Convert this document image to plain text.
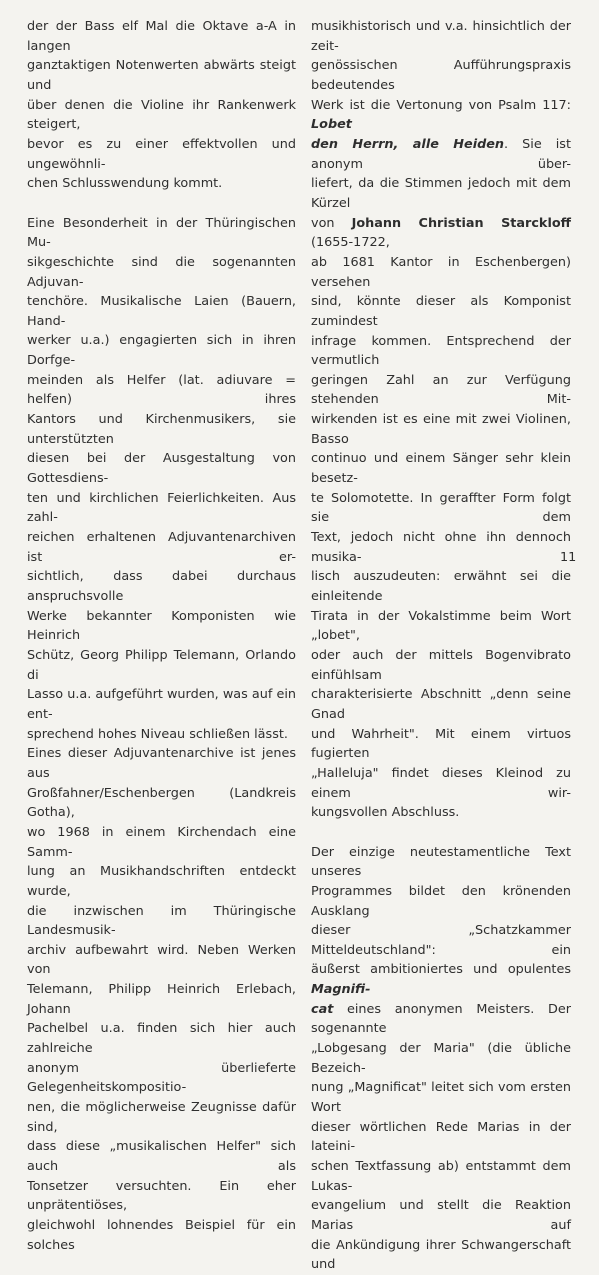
der der Bass elf Mal die Oktave a-A in langen
ganztaktigen Notenwerten abwärts steigt und
über denen die Violine ihr Rankenwerk steigert,
bevor es zu einer effektvollen und ungewöhnli-
chen Schlusswendung kommt.

Eine Besonderheit in der Thüringischen Mu-
sikgeschichte sind die sogenannten Adjuvan-
tenchöre. Musikalische Laien (Bauern, Hand-
werker u.a.) engagierten sich in ihren Dorfge-
meinden als Helfer (lat. adiuvare = helfen) ihres
Kantors und Kirchenmusikers, sie unterstützten
diesen bei der Ausgestaltung von Gottesdiens-
ten und kirchlichen Feierlichkeiten. Aus zahl-
reichen erhaltenen Adjuvantenarchiven ist er-
sichtlich, dass dabei durchaus anspruchsvolle
Werke bekannter Komponisten wie Heinrich
Schütz, Georg Philipp Telemann, Orlando di
Lasso u.a. aufgeführt wurden, was auf ein ent-
sprechend hohes Niveau schließen lässt.

Eines dieser Adjuvantenarchive ist jenes aus
Großfahner/Eschenbergen (Landkreis Gotha),
wo 1968 in einem Kirchendach eine Samm-
lung an Musikhandschriften entdeckt wurde,
die inzwischen im Thüringische Landesmusik-
archiv aufbewahrt wird. Neben Werken von
Telemann, Philipp Heinrich Erlebach, Johann
Pachelbel u.a. finden sich hier auch zahlreiche
anonym überlieferte Gelegenheitskompositio-
nen, die möglicherweise Zeugnisse dafür sind,
dass diese „musikalischen Helfer" sich auch als
Tonsetzer versuchten. Ein eher unprätentiöses,
gleichwohl lohnendes Beispiel für ein solches

musikhistorisch und v.a. hinsichtlich der zeit-
genössischen Aufführungspraxis bedeutendes
Werk ist die Vertonung von Psalm 117: Lobet
den Herrn, alle Heiden. Sie ist anonym über-
liefert, da die Stimmen jedoch mit dem Kürzel
von Johann Christian Starckloff (1655-1722,
ab 1681 Kantor in Eschenbergen) versehen
sind, könnte dieser als Komponist zumindest
infrage kommen. Entsprechend der vermutlich
geringen Zahl an zur Verfügung stehenden Mit-
wirkenden ist es eine mit zwei Violinen, Basso
continuo und einem Sänger sehr klein besetz-
te Solomotette. In geraffter Form folgt sie dem
Text, jedoch nicht ohne ihn dennoch musika-
lisch auszudeuten: erwähnt sei die einleitende
Tirata in der Vokalstimme beim Wort „lobet",
oder auch der mittels Bogenvibrato einfühlsam
charakterisierte Abschnitt „denn seine Gnad
und Wahrheit". Mit einem virtuos fugierten
„Halleluja" findet dieses Kleinod zu einem wir-
kungsvollen Abschluss.

Der einzige neutestamentliche Text unseres
Programmes bildet den krönenden Ausklang
dieser „Schatzkammer Mitteldeutschland": ein
äußerst ambitioniertes und opulentes Magnifi-
cat eines anonymen Meisters. Der sogenannte
„Lobgesang der Maria" (die übliche Bezeich-
nung „Magnificat" leitet sich vom ersten Wort
dieser wörtlichen Rede Marias in der lateini-
schen Textfassung ab) entstammt dem Lukas-
evangelium und stellt die Reaktion Marias auf
die Ankündigung ihrer Schwangerschaft und

11
